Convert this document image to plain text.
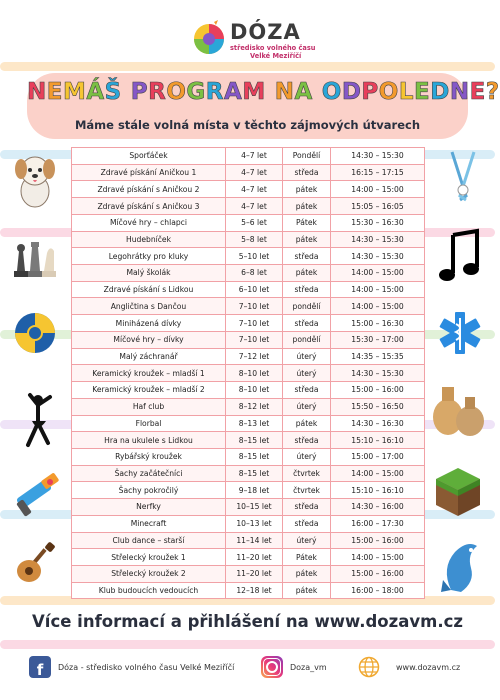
DÓZA
středisko volného času
Velké Meziříčí
NEMÁŠ PROGRAM NA ODPOLEDNE?
Máme stále volná místa v těchto zájmových útvarech
Sporťáček	4–7 let	Pondělí	14:30 – 15:30
Zdravé pískání Aničkou 1	4–7 let	středa	16:15 – 17:15
Zdravé pískání s Aničkou 2	4–7 let	pátek	14:00 – 15:00
Zdravé pískání s Aničkou 3	4–7 let	pátek	15:05 – 16:05
Míčové hry – chlapci	5–6 let	Pátek	15:30 – 16:30
Hudebníček	5–8 let	pátek	14:30 – 15:30
Legohrátky pro kluky	5–10 let	středa	14:30 – 15:30
Malý školák	6–8 let	pátek	14:00 – 15:00
Zdravé pískání s Lidkou	6–10 let	středa	14:00 – 15:00
Angličtina s Dančou	7–10 let	pondělí	14:00 – 15:00
Miniházená dívky	7–10 let	středa	15:00 – 16:30
Míčové hry – dívky	7–10 let	pondělí	15:30 – 17:00
Malý záchranář	7–12 let	úterý	14:35 – 15:35
Keramický kroužek – mladší 1	8–10 let	úterý	14:30 – 15:30
Keramický kroužek – mladší 2	8–10 let	středa	15:00 – 16:00
Haf club	8–12 let	úterý	15:50 – 16:50
Florbal	8–13 let	pátek	14:30 – 16:30
Hra na ukulele s Lidkou	8–15 let	středa	15:10 – 16:10
Rybářský kroužek	8–15 let	úterý	15:00 – 17:00
Šachy začátečníci	8–15 let	čtvrtek	14:00 – 15:00
Šachy pokročilý	9–18 let	čtvrtek	15:10 – 16:10
Nerfky	10–15 let	středa	14:30 – 16:00
Minecraft	10–13 let	středa	16:00 – 17:30
Club dance – starší	11–14 let	úterý	15:00 – 16:00
Střelecký kroužek 1	11–20 let	Pátek	14:00 – 15:00
Střelecký kroužek 2	11–20 let	pátek	15:00 – 16:00
Klub budoucích vedoucích	12–18 let	pátek	16:00 – 18:00
Více informací a přihlášení na www.dozavm.cz
f	Dóza - středisko volného času Velké Meziříčí	Doza_vm	www.dozavm.cz
